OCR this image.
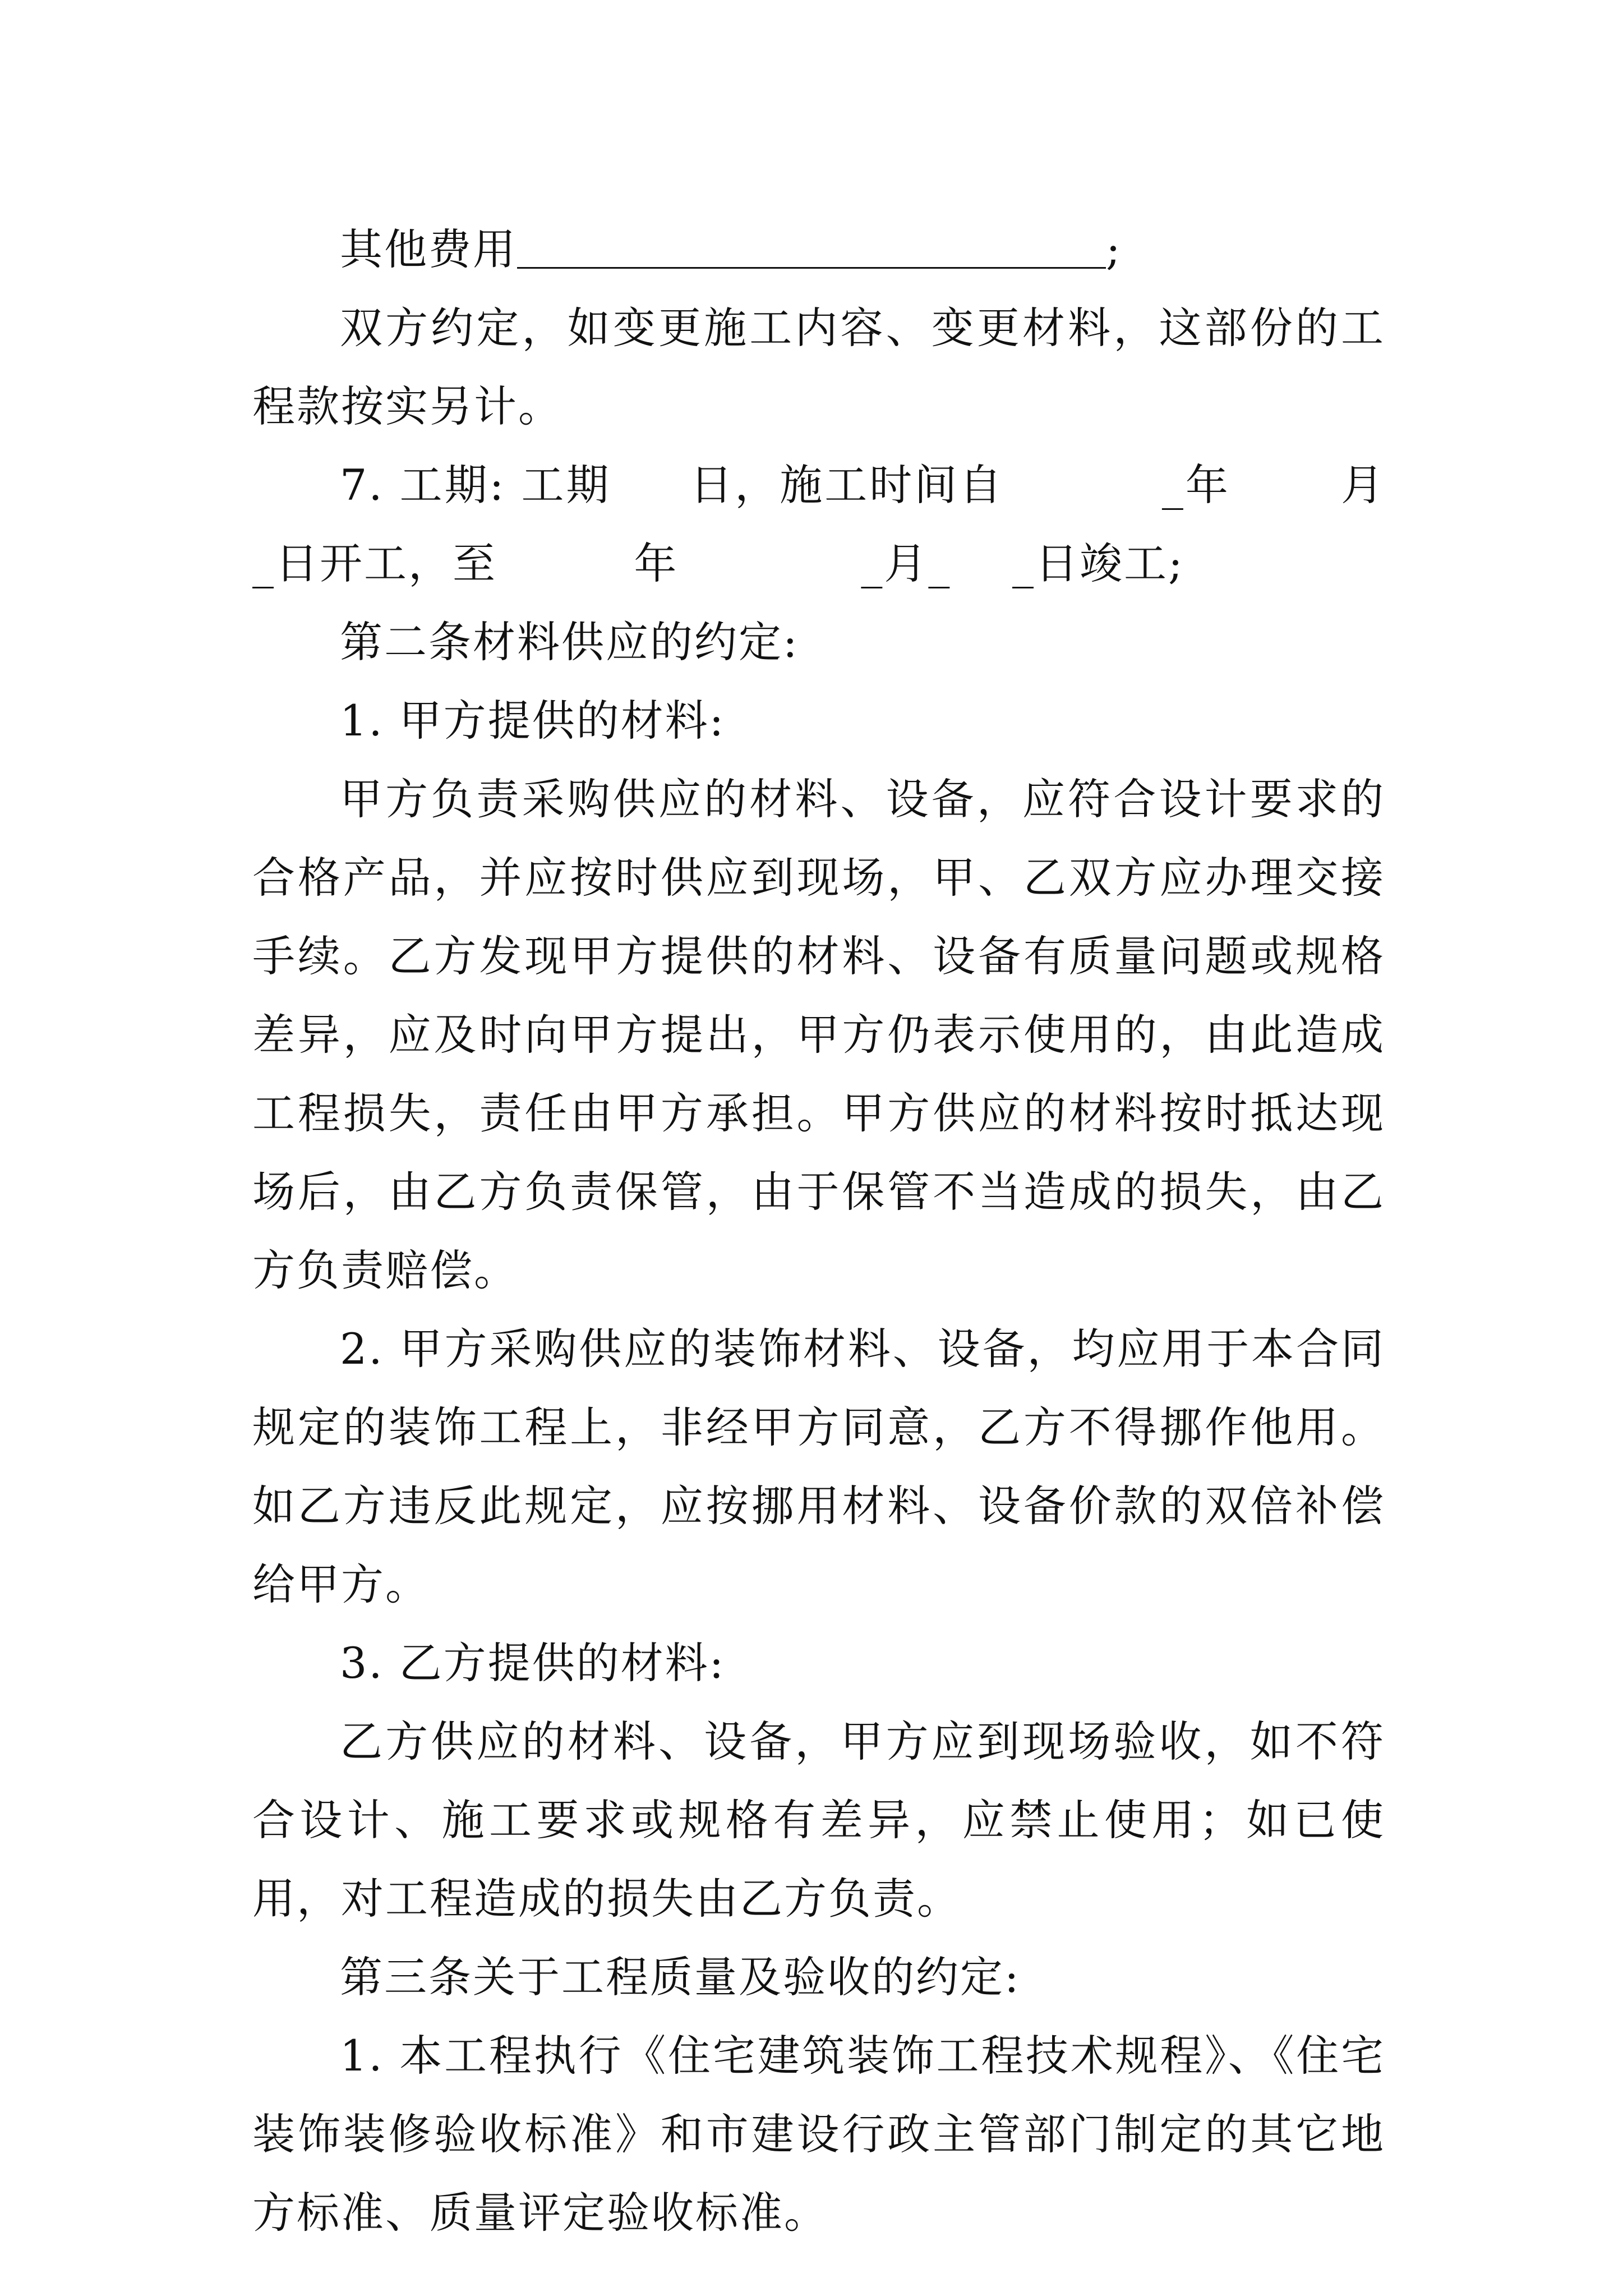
其他费用	;

双方约定，如变更施工内容、变更材料，这部份的工程款按实另计。

7. 工期: 工期     日，施工时间自          _年       月   _日开工，至         年            _月_    _日竣工;

第二条材料供应的约定:

1. 甲方提供的材料:

甲方负责采购供应的材料、设备，应符合设计要求的合格产品，并应按时供应到现场，甲、乙双方应办理交接手续。乙方发现甲方提供的材料、设备有质量问题或规格差异，应及时向甲方提出，甲方仍表示使用的，由此造成工程损失，责任由甲方承担。甲方供应的材料按时抵达现场后，由乙方负责保管，由于保管不当造成的损失，由乙方负责赔偿。

2. 甲方采购供应的装饰材料、设备，均应用于本合同规定的装饰工程上，非经甲方同意，乙方不得挪作他用。如乙方违反此规定，应按挪用材料、设备价款的双倍补偿给甲方。

3. 乙方提供的材料:

乙方供应的材料、设备，甲方应到现场验收，如不符合设计、施工要求或规格有差异，应禁止使用；如已使用，对工程造成的损失由乙方负责。

第三条关于工程质量及验收的约定:

1. 本工程执行《住宅建筑装饰工程技术规程》、《住宅装饰装修验收标准》和市建设行政主管部门制定的其它地方标准、质量评定验收标准。
